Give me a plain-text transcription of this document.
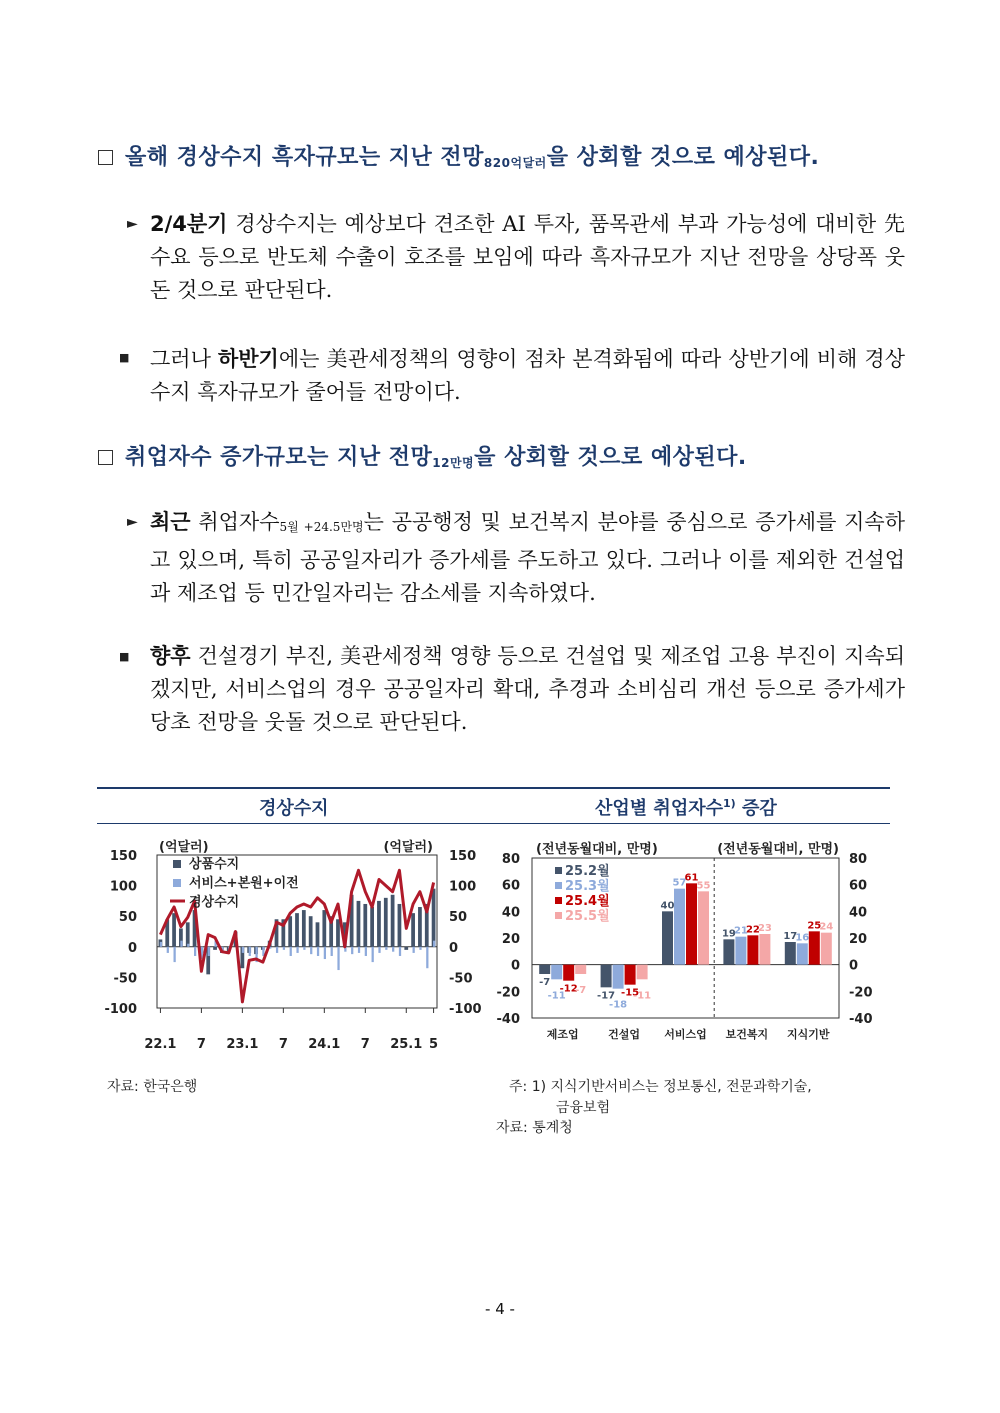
올해 경상수지 흑자규모는 지난 전망$_{820억달러}$을 상회할 것으로 예상된다.
► 2/4분기 경상수지는 예상보다 견조한 AI 투자, 품목관세 부과 가능성에 대비한 先수요 등으로 반도체 수출이 호조를 보임에 따라 흑자규모가 지난 전망을 상당폭 웃돈 것으로 판단된다.
■ 그러나 하반기에는 美관세정책의 영향이 점차 본격화됨에 따라 상반기에 비해 경상수지 흑자규모가 줄어들 전망이다.
취업자수 증가규모는 지난 전망$_{12만명}$을 상회할 것으로 예상된다.
► 최근 취업자수$_{5월 +24.5만명}$는 공공행정 및 보건복지 분야를 중심으로 증가세를 지속하고 있으며, 특히 공공일자리가 증가세를 주도하고 있다. 그러나 이를 제외한 건설업과 제조업 등 민간일자리는 감소세를 지속하였다.
■ 향후 건설경기 부진, 美관세정책 영향 등으로 건설업 및 제조업 고용 부진이 지속되겠지만, 서비스업의 경우 공공일자리 확대, 추경과 소비심리 개선 등으로 증가세가 당초 전망을 웃돌 것으로 판단된다.
경상수지	산업별 취업자수$^{1)}$ 증감
150	150
100	100
50	50
0	0
-50	-50
-100	-100
(억달러)	(억달러)
22.1 7 23.1 7 24.1 7 25.1 5
상품수지
서비스+본원+이전
경상수지
80	80
60	60
40	40
20	20
0	0
-20	-20
-40	-40
(전년동월대비, 만명)	(전년동월대비, 만명)
-7
-11
-12
-7
제조업
-17
-18
-15
-11
건설업
40
57
61
55
서비스업
19
21
22
23
보건복지
17
16
25
24
지식기반
25.2월
25.3월
25.4월
25.5월
자료: 한국은행	주: 1) 지식기반서비스는 정보통신, 전문과학기술,
금융보험
자료: 통계청
- 4 -
